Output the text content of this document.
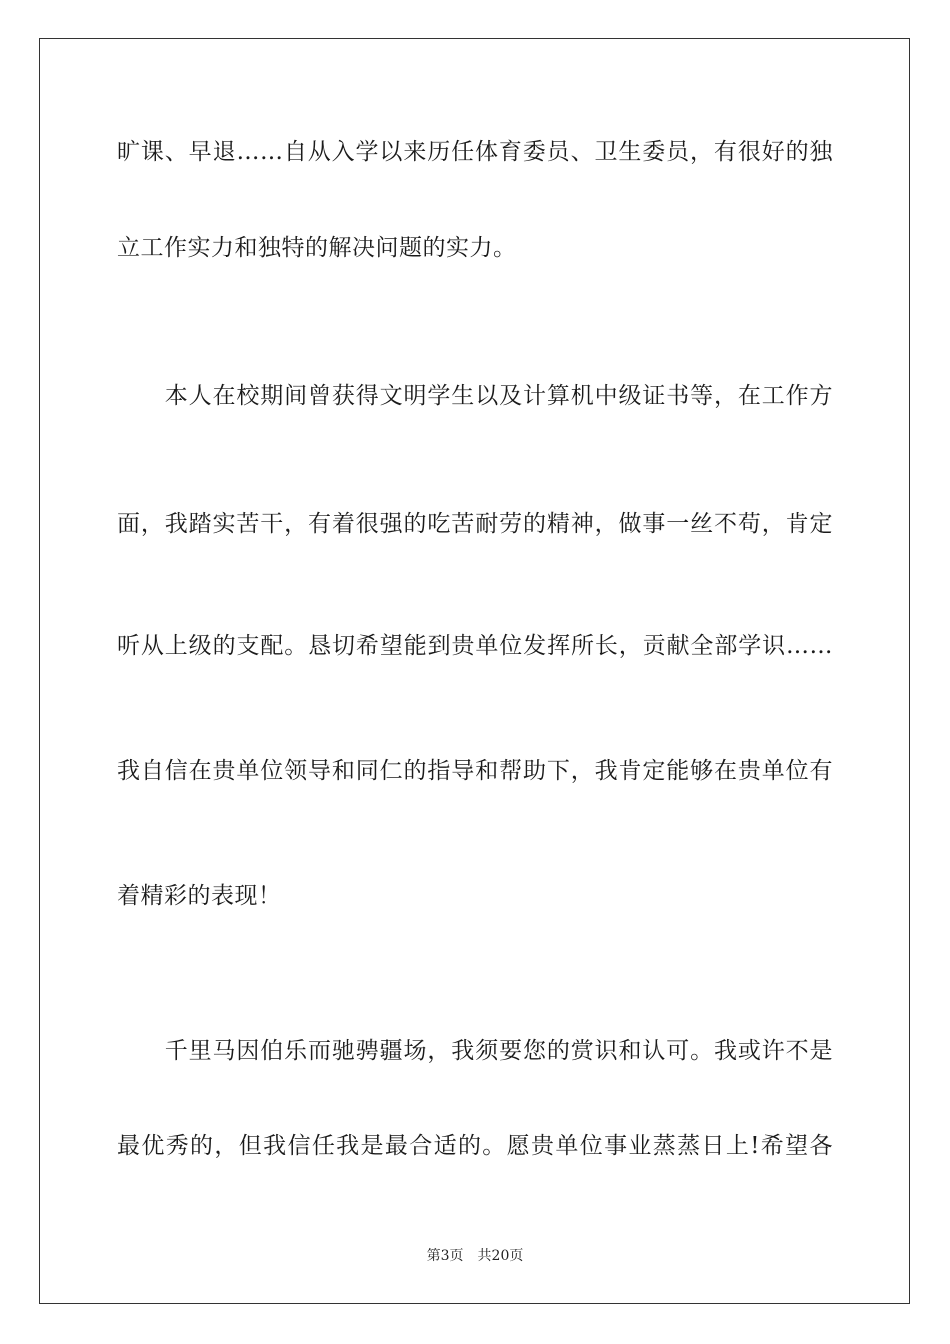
旷课、早退……自从入学以来历任体育委员、卫生委员，有很好的独
立工作实力和独特的解决问题的实力。
　　本人在校期间曾获得文明学生以及计算机中级证书等，在工作方
面，我踏实苦干，有着很强的吃苦耐劳的精神，做事一丝不苟，肯定
听从上级的支配。恳切希望能到贵单位发挥所长，贡献全部学识……
我自信在贵单位领导和同仁的指导和帮助下，我肯定能够在贵单位有
着精彩的表现！
　　千里马因伯乐而驰骋疆场，我须要您的赏识和认可。我或许不是
最优秀的，但我信任我是最合适的。愿贵单位事业蒸蒸日上!希望各
第3页 共20页
